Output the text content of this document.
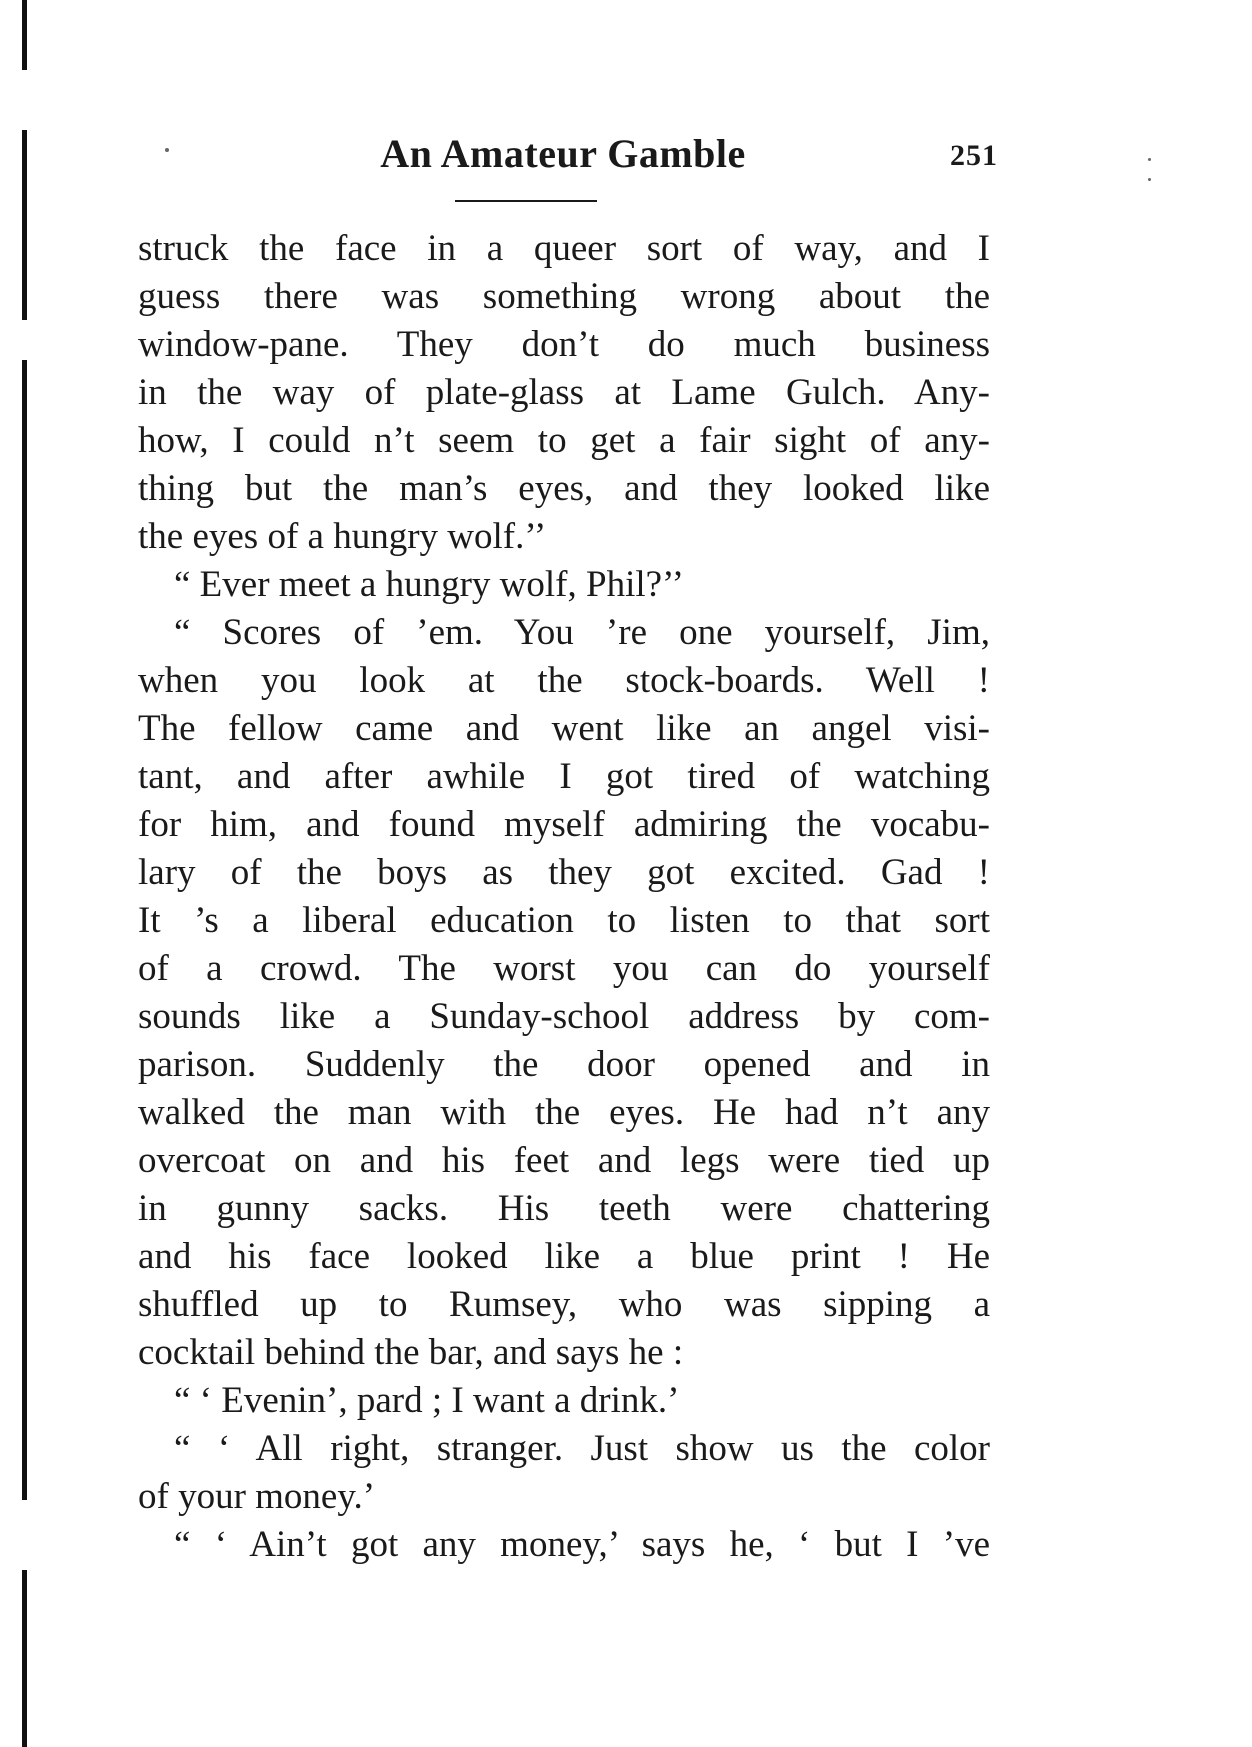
An Amateur Gamble	251
struck the face in a queer sort of way, and I
guess there was something wrong about the
window-pane. They don’t do much business
in the way of plate-glass at Lame Gulch. Any-
how, I could n’t seem to get a fair sight of any-
thing but the man’s eyes, and they looked like
the eyes of a hungry wolf.’’
“ Ever meet a hungry wolf, Phil?’’
“ Scores of ’em. You ’re one yourself, Jim,
when you look at the stock-boards. Well !
The fellow came and went like an angel visi-
tant, and after awhile I got tired of watching
for him, and found myself admiring the vocabu-
lary of the boys as they got excited. Gad !
It ’s a liberal education to listen to that sort
of a crowd. The worst you can do yourself
sounds like a Sunday-school address by com-
parison. Suddenly the door opened and in
walked the man with the eyes. He had n’t any
overcoat on and his feet and legs were tied up
in gunny sacks. His teeth were chattering
and his face looked like a blue print ! He
shuffled up to Rumsey, who was sipping a
cocktail behind the bar, and says he :
“ ‘ Evenin’, pard ; I want a drink.’
“ ‘ All right, stranger. Just show us the color
of your money.’
“ ‘ Ain’t got any money,’ says he, ‘ but I ’ve
